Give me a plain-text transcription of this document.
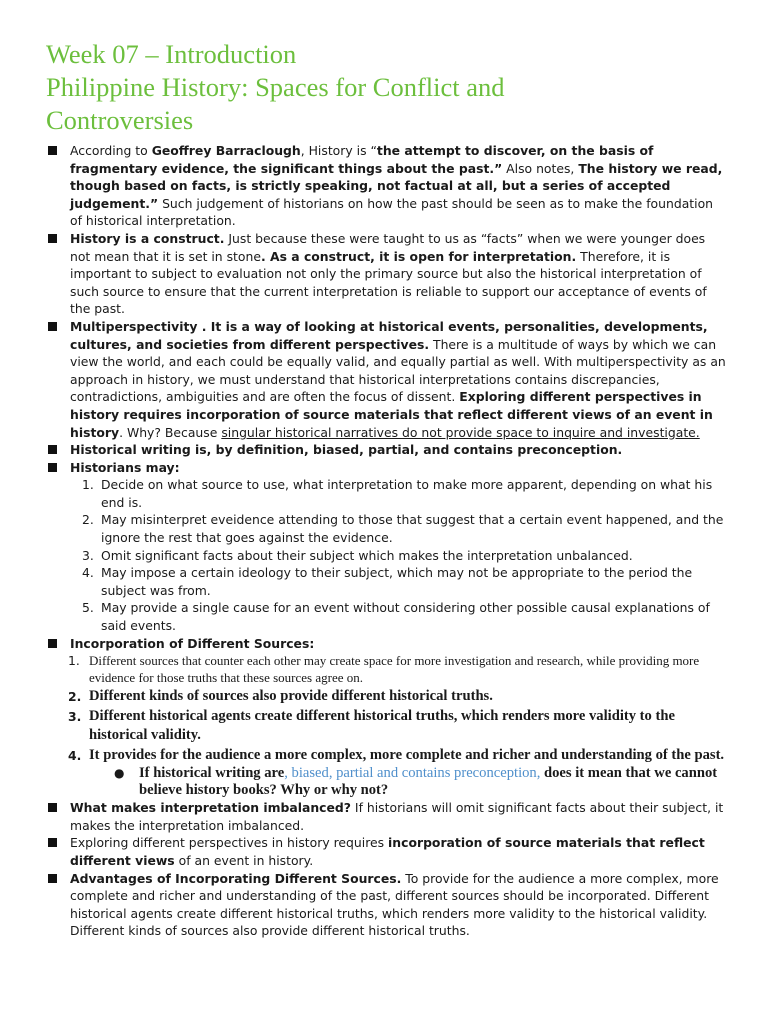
Week 07 – Introduction
Philippine History: Spaces for Conflict and
Controversies
According to Geoffrey Barraclough, History is “the attempt to discover, on the basis of fragmentary evidence, the significant things about the past.” Also notes, The history we read, though based on facts, is strictly speaking, not factual at all, but a series of accepted judgement.” Such judgement of historians on how the past should be seen as to make the foundation of historical interpretation.
History is a construct. Just because these were taught to us as “facts” when we were younger does not mean that it is set in stone. As a construct, it is open for interpretation. Therefore, it is important to subject to evaluation not only the primary source but also the historical interpretation of such source to ensure that the current interpretation is reliable to support our acceptance of events of the past.
Multiperspectivity . It is a way of looking at historical events, personalities, developments, cultures, and societies from different perspectives. There is a multitude of ways by which we can view the world, and each could be equally valid, and equally partial as well. With multiperspectivity as an approach in history, we must understand that historical interpretations contains discrepancies, contradictions, ambiguities and are often the focus of dissent. Exploring different perspectives in history requires incorporation of source materials that reflect different views of an event in history. Why? Because singular historical narratives do not provide space to inquire and investigate.
Historical writing is, by definition, biased, partial, and contains preconception.
Historians may:
1. Decide on what source to use, what interpretation to make more apparent, depending on what his end is.
2. May misinterpret eveidence attending to those that suggest that a certain event happened, and the ignore the rest that goes against the evidence.
3. Omit significant facts about their subject which makes the interpretation unbalanced.
4. May impose a certain ideology to their subject, which may not be appropriate to the period the subject was from.
5. May provide a single cause for an event without considering other possible causal explanations of said events.
Incorporation of Different Sources:
1. Different sources that counter each other may create space for more investigation and research, while providing more evidence for those truths that these sources agree on.
2. Different kinds of sources also provide different historical truths.
3. Different historical agents create different historical truths, which renders more validity to the historical validity.
4. It provides for the audience a more complex, more complete and richer and understanding of the past.
● If historical writing are, biased, partial and contains preconception, does it mean that we cannot believe history books? Why or why not?
What makes interpretation imbalanced? If historians will omit significant facts about their subject, it makes the interpretation imbalanced.
Exploring different perspectives in history requires incorporation of source materials that reflect different views of an event in history.
Advantages of Incorporating Different Sources. To provide for the audience a more complex, more complete and richer and understanding of the past, different sources should be incorporated. Different historical agents create different historical truths, which renders more validity to the historical validity. Different kinds of sources also provide different historical truths.
